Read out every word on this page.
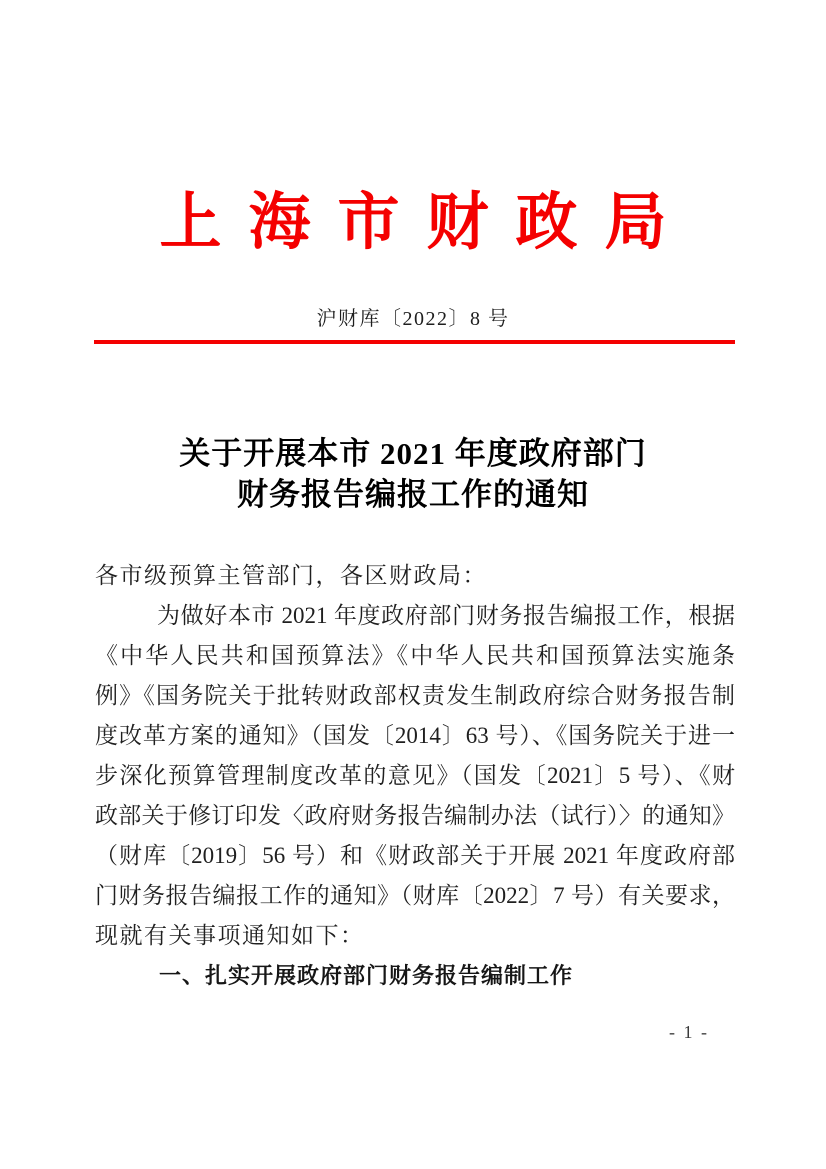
上海市财政局
沪财库〔2022〕8 号
关于开展本市 2021 年度政府部门
财务报告编报工作的通知
各市级预算主管部门，各区财政局：
为做好本市 2021 年度政府部门财务报告编报工作，根据
《中华人民共和国预算法》《中华人民共和国预算法实施条
例》《国务院关于批转财政部权责发生制政府综合财务报告制
度改革方案的通知》（国发〔2014〕63 号）、《国务院关于进一
步深化预算管理制度改革的意见》（国发〔2021〕5 号）、《财
政部关于修订印发〈政府财务报告编制办法（试行）〉的通知》
（财库〔2019〕56 号）和《财政部关于开展 2021 年度政府部
门财务报告编报工作的通知》（财库〔2022〕7 号）有关要求，
现就有关事项通知如下：
一、扎实开展政府部门财务报告编制工作
- 1 -
